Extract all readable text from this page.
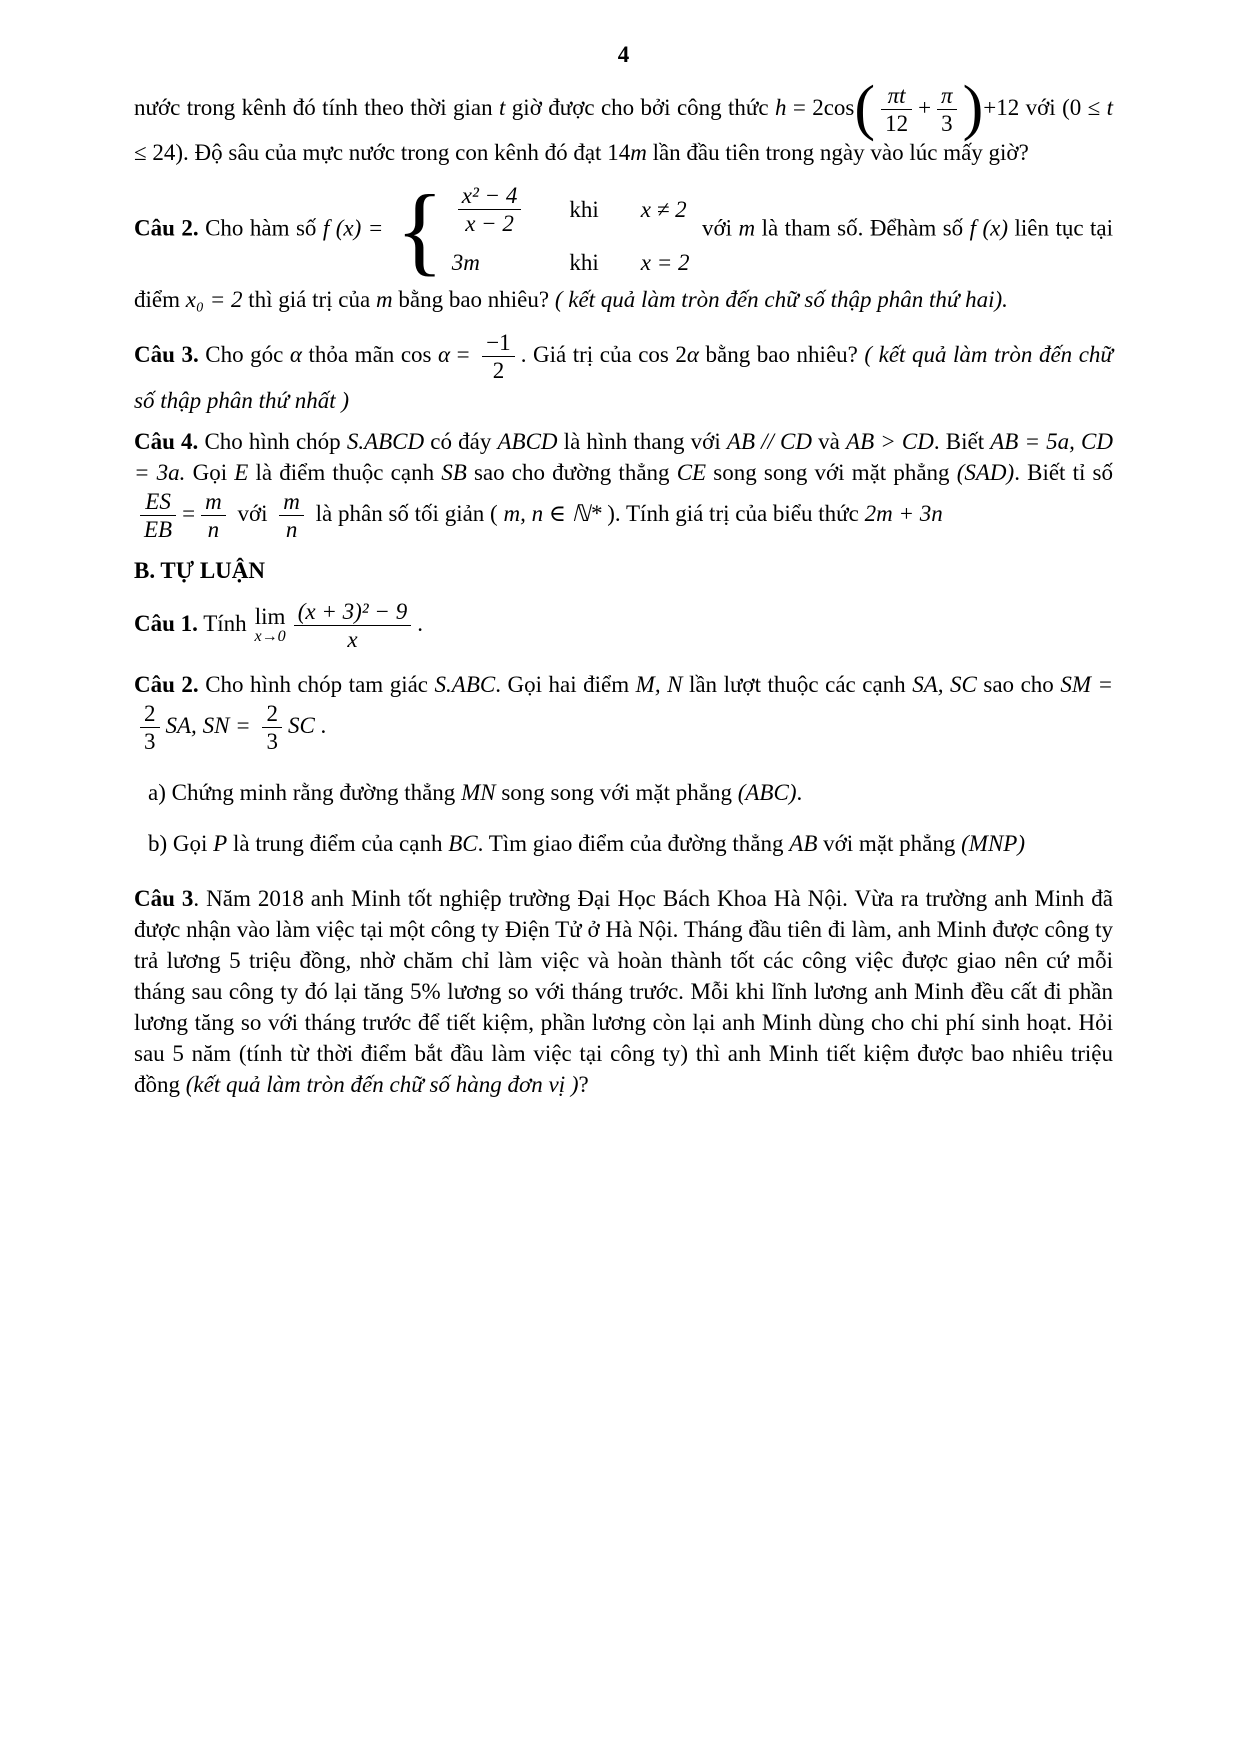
4

nước trong kênh đó tính theo thời gian t giờ được cho bởi công thức $h = 2\cos( \frac{\pi t}{12} + \frac{\pi}{3} )+12$ với (0 ≤ t ≤ 24). Độ sâu của mực nước trong con kênh đó đạt 14m lần đầu tiên trong ngày vào lúc mấy giờ?

Câu 2. Cho hàm số f (x) = { $\frac{\text{x² − 4}}{x - 2}$ khi x ≠ 2
3m	khi x = 2
với m là tham số. Đểhàm số f (x) liên tục tại điểm x₀ = 2 thì giá trị của m bằng bao nhiêu? ( kết quả làm tròn đến chữ số thập phân thứ hai).

Câu 3. Cho góc α thỏa mãn $\cos \alpha = \frac{-1}{2}$ . Giá trị của cos 2α bằng bao nhiêu? ( kết quả làm tròn đến chữ số thập phân thứ nhất )

Câu 4. Cho hình chóp S.ABCD có đáy ABCD là hình thang với AB // CD và AB > CD. Biết AB = 5a, CD = 3a. Gọi E là điểm thuộc cạnh SB sao cho đường thẳng CE song song với mặt phẳng (SAD). Biết tỉ số
$\frac{ES}{EB} = \frac{m}{n}$ với $\frac{m}{n}$ là phân số tối giản ( m, n ∈ ℕ* ). Tính giá trị của biểu thức 2m + 3n

B. TỰ LUẬN

Câu 1. Tính lim
$x\to 0 \frac{\text{(x + 3)² − 9}}{x}$ .

Câu 2. Cho hình chóp tam giác S.ABC. Gọi hai điểm M, N lần lượt thuộc các cạnh SA, SC sao cho SM =
$\frac{2}{3}$ SA, SN = $\frac{2}{3}$ SC .

a) Chứng minh rằng đường thẳng MN song song với mặt phẳng (ABC).

b) Gọi P là trung điểm của cạnh BC. Tìm giao điểm của đường thẳng AB với mặt phẳng (MNP)

Câu 3. Năm 2018 anh Minh tốt nghiệp trường Đại Học Bách Khoa Hà Nội. Vừa ra trường anh Minh đã được nhận vào làm việc tại một công ty Điện Tử ở Hà Nội. Tháng đầu tiên đi làm, anh Minh được công ty trả lương 5 triệu đồng, nhờ chăm chỉ làm việc và hoàn thành tốt các công việc được giao nên cứ mỗi tháng sau công ty đó lại tăng 5% lương so với tháng trước. Mỗi khi lĩnh lương anh Minh đều cất đi phần lương tăng so với tháng trước để tiết kiệm, phần lương còn lại anh Minh dùng cho chi phí sinh hoạt. Hỏi sau 5 năm (tính từ thời điểm bắt đầu làm việc tại công ty) thì anh Minh tiết kiệm được bao nhiêu triệu đồng (kết quả làm tròn đến chữ số hàng đơn vị )?
